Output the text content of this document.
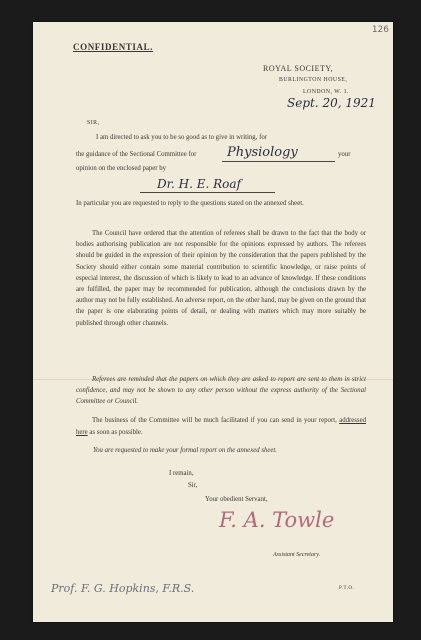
126
CONFIDENTIAL.
ROYAL SOCIETY,
BURLINGTON HOUSE,
LONDON, W. 1.
Sept. 20, 1921
SIR,
I am directed to ask you to be so good as to give in writing, for
the guidance of the Sectional Committee for Physiology	your
opinion on the enclosed paper by
Dr. H. E. Roaf
In particular you are requested to reply to the questions stated on the annexed sheet.

The Council have ordered that the attention of referees shall be drawn to the fact that the body or bodies authorising publication are not responsible for the opinions expressed by authors. The referees should be guided in the expression of their opinion by the consideration that the papers published by the Society should either contain some material contribution to scientific knowledge, or raise points of especial interest, the discussion of which is likely to lead to an advance of knowledge. If these conditions are fulfilled, the paper may be recommended for publication, although the conclusions drawn by the author may not be fully established. An adverse report, on the other hand, may be given on the ground that the paper is one elaborating points of detail, or dealing with matters which may more suitably be published through other channels.

Referees are reminded that the papers on which they are asked to report are sent to them in strict confidence, and may not be shown to any other person without the express authority of the Sectional Committee or Council.

The business of the Committee will be much facilitated if you can send in your report, addressed here as soon as possible.

You are requested to make your formal report on the annexed sheet.
I remain,
Sir,
Your obedient Servant,
F. A. Towle
Assistant Secretary.
Prof. F. G. Hopkins, F.R.S.	P.T.O.
